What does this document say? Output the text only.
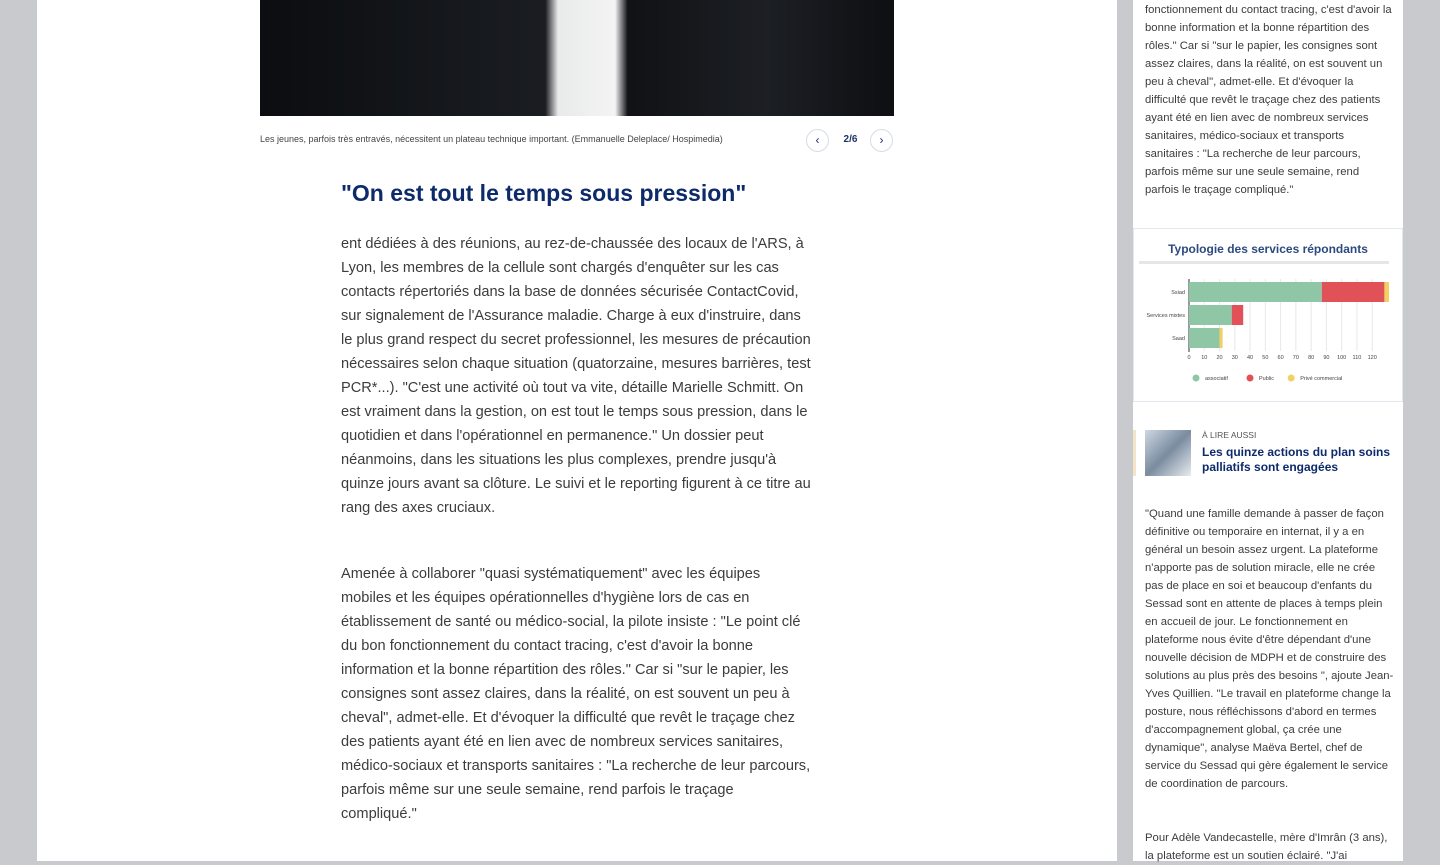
Les jeunes, parfois très entravés, nécessitent un plateau technique important. (Emmanuelle Deleplace/ Hospimedia)	‹	2/6	›
"On est tout le temps sous pression"

ent dédiées à des réunions, au rez-de-chaussée des locaux de l'ARS, à Lyon, les membres de la cellule sont chargés d'enquêter sur les cas contacts répertoriés dans la base de données sécurisée ContactCovid, sur signalement de l'Assurance maladie. Charge à eux d'instruire, dans le plus grand respect du secret professionnel, les mesures de précaution nécessaires selon chaque situation (quatorzaine, mesures barrières, test PCR*...). "C'est une activité où tout va vite, détaille Marielle Schmitt. On est vraiment dans la gestion, on est tout le temps sous pression, dans le quotidien et dans l'opérationnel en permanence." Un dossier peut néanmoins, dans les situations les plus complexes, prendre jusqu'à quinze jours avant sa clôture. Le suivi et le reporting figurent à ce titre au rang des axes cruciaux.

Amenée à collaborer "quasi systématiquement" avec les équipes mobiles et les équipes opérationnelles d'hygiène lors de cas en établissement de santé ou médico-social, la pilote insiste : "Le point clé du bon fonctionnement du contact tracing, c'est d'avoir la bonne information et la bonne répartition des rôles." Car si "sur le papier, les consignes sont assez claires, dans la réalité, on est souvent un peu à cheval", admet-elle. Et d'évoquer la difficulté que revêt le traçage chez des patients ayant été en lien avec de nombreux services sanitaires, médico-sociaux et transports sanitaires : "La recherche de leur parcours, parfois même sur une seule semaine, rend parfois le traçage compliqué."

fonctionnement du contact tracing, c'est d'avoir la bonne information et la bonne répartition des rôles." Car si "sur le papier, les consignes sont assez claires, dans la réalité, on est souvent un peu à cheval", admet-elle. Et d'évoquer la difficulté que revêt le traçage chez des patients ayant été en lien avec de nombreux services sanitaires, médico-sociaux et transports sanitaires : "La recherche de leur parcours, parfois même sur une seule semaine, rend parfois le traçage compliqué."

Typologie des services répondants
0 10 20 30 40 50 60 70 80 90 100 110 120
Ssiad
Services mixtes
Saad
associatif	Public	Privé commercial
À LIRE AUSSI
Les quinze actions du plan soins palliatifs sont engagées

"Quand une famille demande à passer de façon définitive ou temporaire en internat, il y a en général un besoin assez urgent. La plateforme n'apporte pas de solution miracle, elle ne crée pas de place en soi et beaucoup d'enfants du Sessad sont en attente de places à temps plein en accueil de jour. Le fonctionnement en plateforme nous évite d'être dépendant d'une nouvelle décision de MDPH et de construire des solutions au plus près des besoins ", ajoute Jean-Yves Quillien. "Le travail en plateforme change la posture, nous réfléchissons d'abord en termes d'accompagnement global, ça crée une dynamique", analyse Maëva Bertel, chef de service du Sessad qui gère également le service de coordination de parcours.

Pour Adèle Vandecastelle, mère d'Imrân (3 ans), la plateforme est un soutien éclairé. "J'ai
